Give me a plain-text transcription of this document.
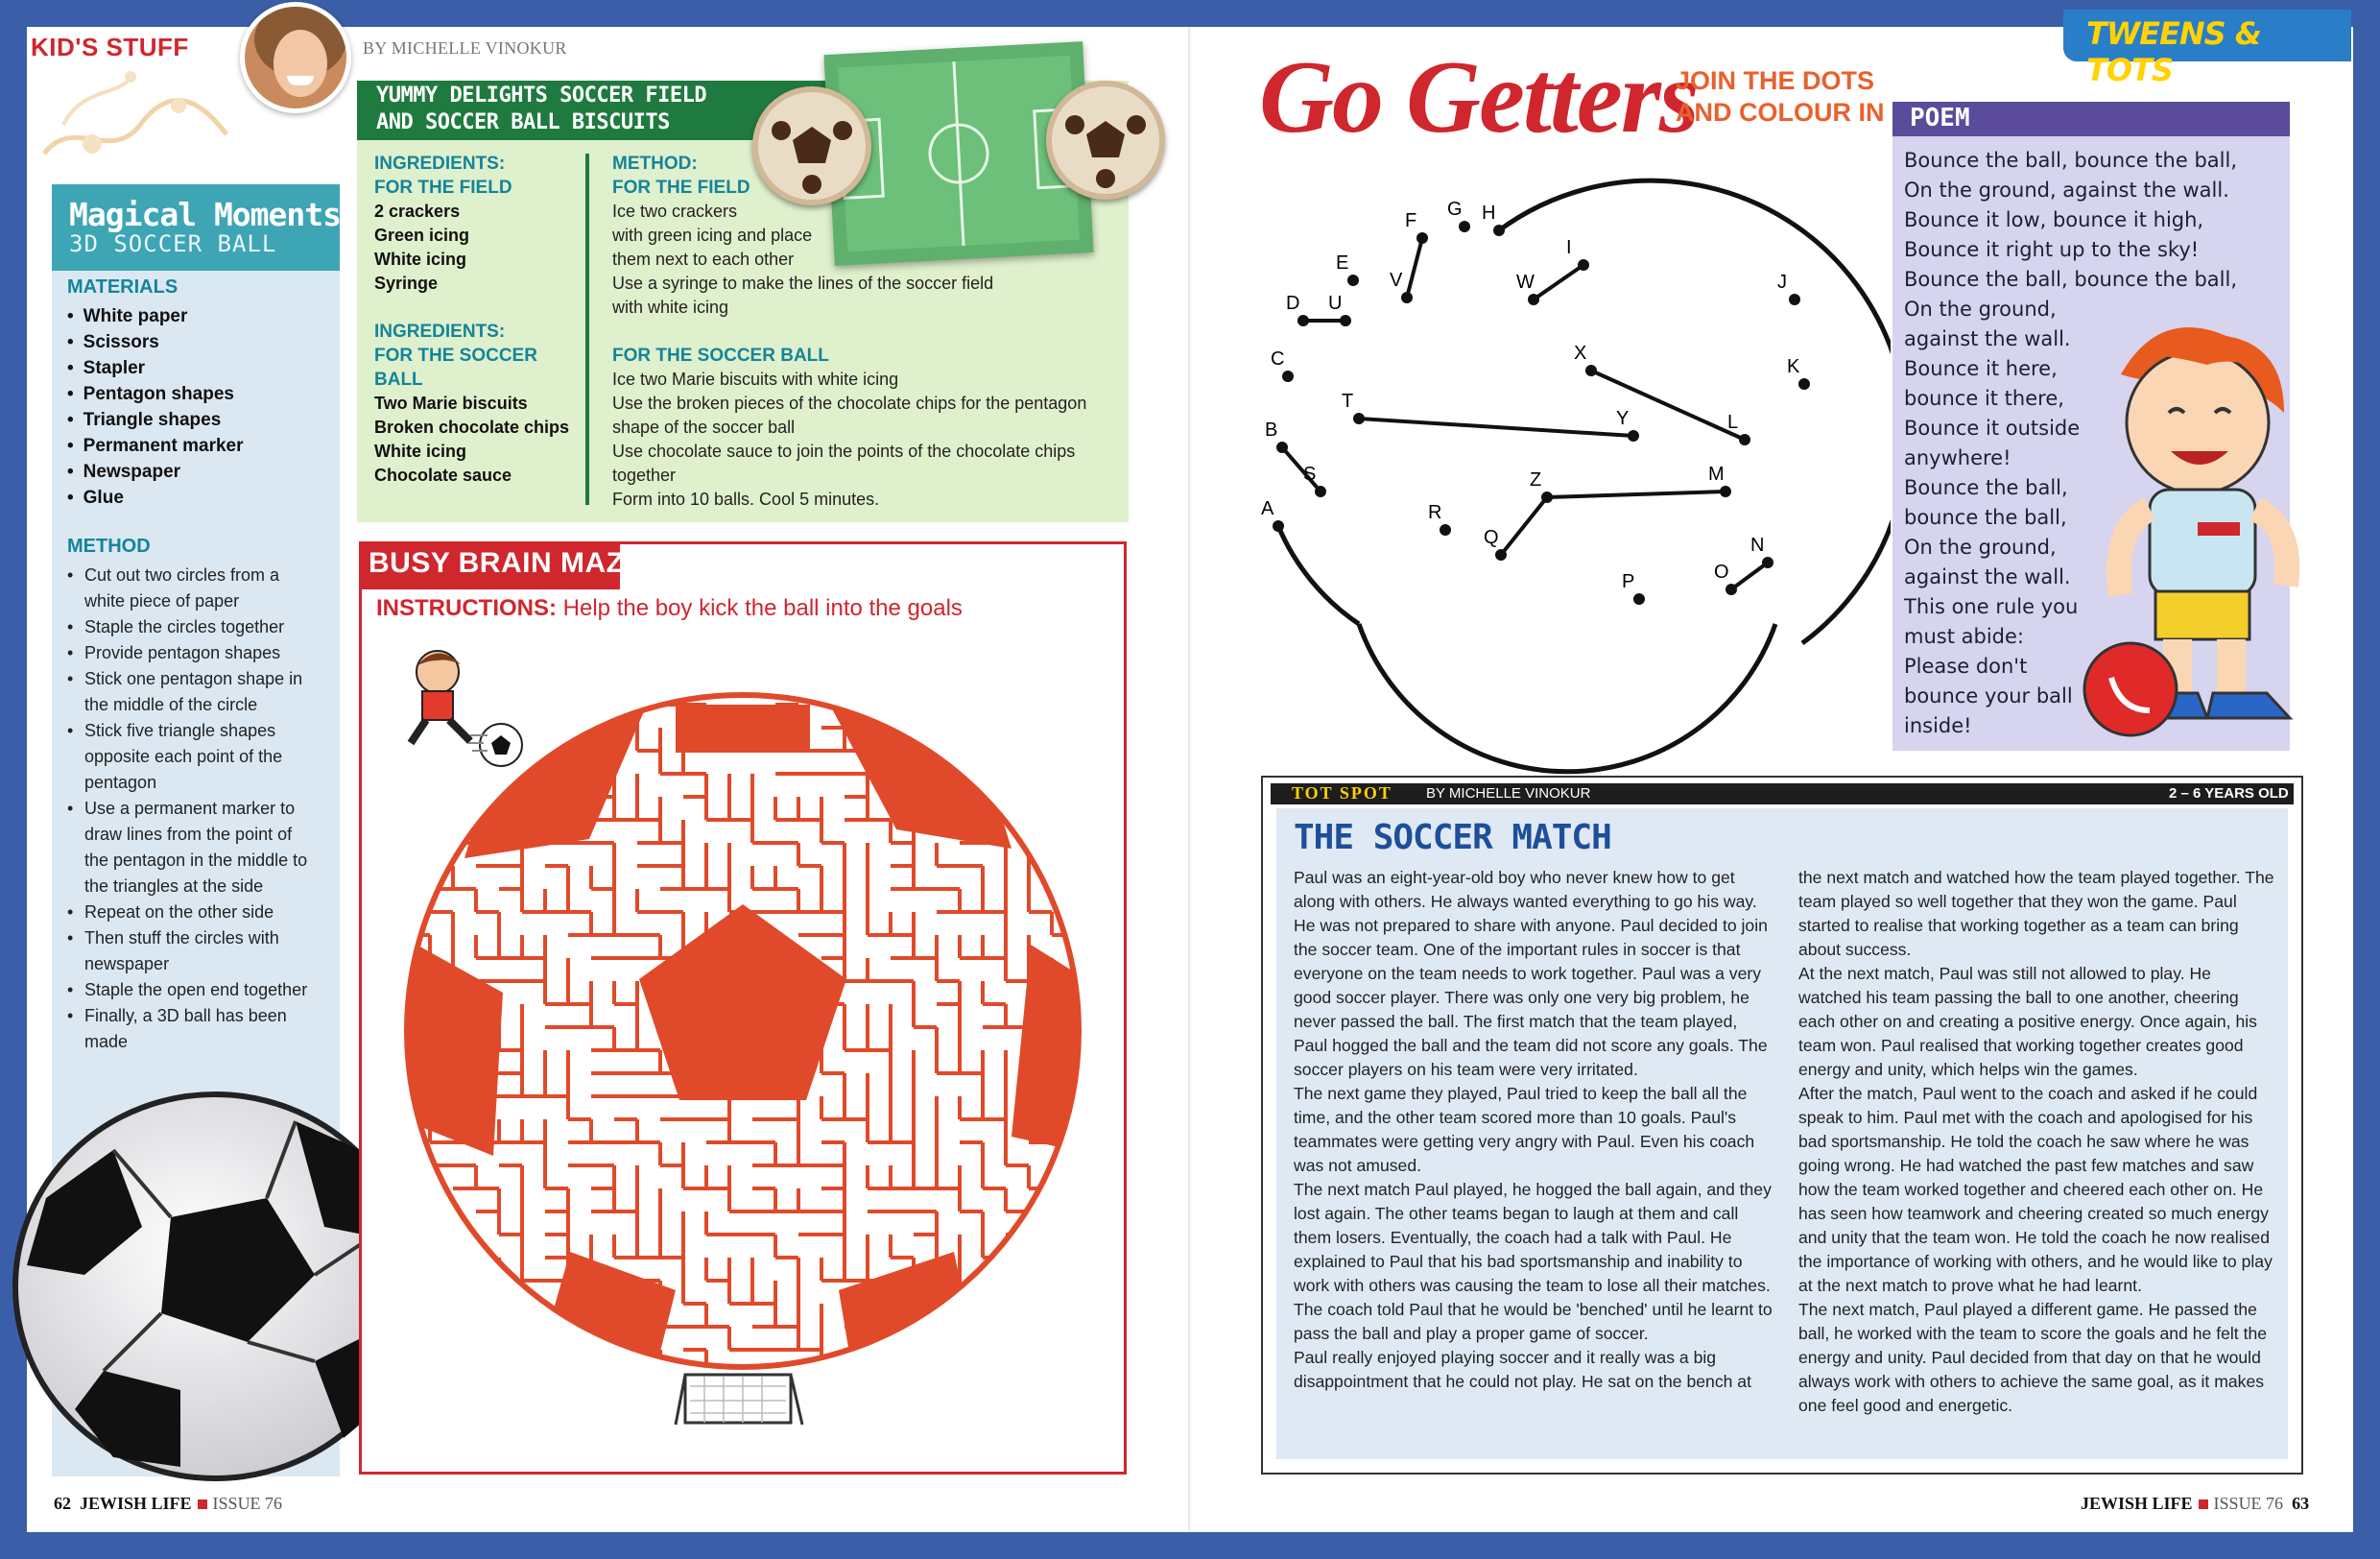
KID'S STUFF	BY MICHELLE VINOKUR
Magical Moments
3D SOCCER BALL
MATERIALS
• White paper
• Scissors
• Stapler
• Pentagon shapes
• Triangle shapes
• Permanent marker
• Newspaper
• Glue
METHOD
• Cut out two circles from a white piece of paper
• Staple the circles together
• Provide pentagon shapes
• Stick one pentagon shape in the middle of the circle
• Stick five triangle shapes opposite each point of the pentagon
• Use a permanent marker to draw lines from the point of the pentagon in the middle to the triangles at the side
• Repeat on the other side
• Then stuff the circles with newspaper
• Staple the open end together
• Finally, a 3D ball has been made
YUMMY DELIGHTS SOCCER FIELD
AND SOCCER BALL BISCUITS
INGREDIENTS:
FOR THE FIELD
2 crackers
Green icing
White icing
Syringe
INGREDIENTS:
FOR THE SOCCER BALL
Two Marie biscuits
Broken chocolate chips
White icing
Chocolate sauce
METHOD:
FOR THE FIELD
Ice two crackers
with green icing and place
them next to each other
Use a syringe to make the lines of the soccer field
with white icing
FOR THE SOCCER BALL
Ice two Marie biscuits with white icing
Use the broken pieces of the chocolate chips for the pentagon
shape of the soccer ball
Use chocolate sauce to join the points of the chocolate chips
together
Form into 10 balls. Cool 5 minutes.
BUSY BRAIN MAZE
INSTRUCTIONS: Help the boy kick the ball into the goals
TWEENS & TOTS
Go Getters
JOIN THE DOTS
AND COLOUR IN
A
B
C
D
E
F
G H
I
J
K
L
M
N
O
P
Q
R
S
T
U
V	W
X
Y
Z
POEM
Bounce the ball, bounce the ball,
On the ground, against the wall.
Bounce it low, bounce it high,
Bounce it right up to the sky!
Bounce the ball, bounce the ball,
On the ground,
against the wall.
Bounce it here,
bounce it there,
Bounce it outside
anywhere!
Bounce the ball,
bounce the ball,
On the ground,
against the wall.
This one rule you
must abide:
Please don't
bounce your ball
inside!
TOT SPOT BY MICHELLE VINOKUR	2 – 6 YEARS OLD
THE SOCCER MATCH

Paul was an eight-year-old boy who never knew how to get along with others. He always wanted everything to go his way. He was not prepared to share with anyone. Paul decided to join the soccer team. One of the important rules in soccer is that everyone on the team needs to work together. Paul was a very good soccer player. There was only one very big problem, he never passed the ball. The first match that the team played, Paul hogged the ball and the team did not score any goals. The soccer players on his team were very irritated.

The next game they played, Paul tried to keep the ball all the time, and the other team scored more than 10 goals. Paul's teammates were getting very angry with Paul. Even his coach was not amused.

The next match Paul played, he hogged the ball again, and they lost again. The other teams began to laugh at them and call them losers. Eventually, the coach had a talk with Paul. He explained to Paul that his bad sportsmanship and inability to work with others was causing the team to lose all their matches. The coach told Paul that he would be 'benched' until he learnt to pass the ball and play a proper game of soccer.

Paul really enjoyed playing soccer and it really was a big disappointment that he could not play. He sat on the bench at

the next match and watched how the team played together. The team played so well together that they won the game. Paul started to realise that working together as a team can bring about success.

At the next match, Paul was still not allowed to play. He watched his team passing the ball to one another, cheering each other on and creating a positive energy. Once again, his team won. Paul realised that working together creates good energy and unity, which helps win the games.

After the match, Paul went to the coach and asked if he could speak to him. Paul met with the coach and apologised for his bad sportsmanship. He told the coach he saw where he was going wrong. He had watched the past few matches and saw how the team worked together and cheered each other on. He has seen how teamwork and cheering created so much energy and unity that the team won. He told the coach he now realised the importance of working with others, and he would like to play at the next match to prove what he had learnt.

The next match, Paul played a different game. He passed the ball, he worked with the team to score the goals and he felt the energy and unity. Paul decided from that day on that he would always work with others to achieve the same goal, as it makes one feel good and energetic.

62 JEWISH LIFE ISSUE 76	JEWISH LIFE ISSUE 76 63
